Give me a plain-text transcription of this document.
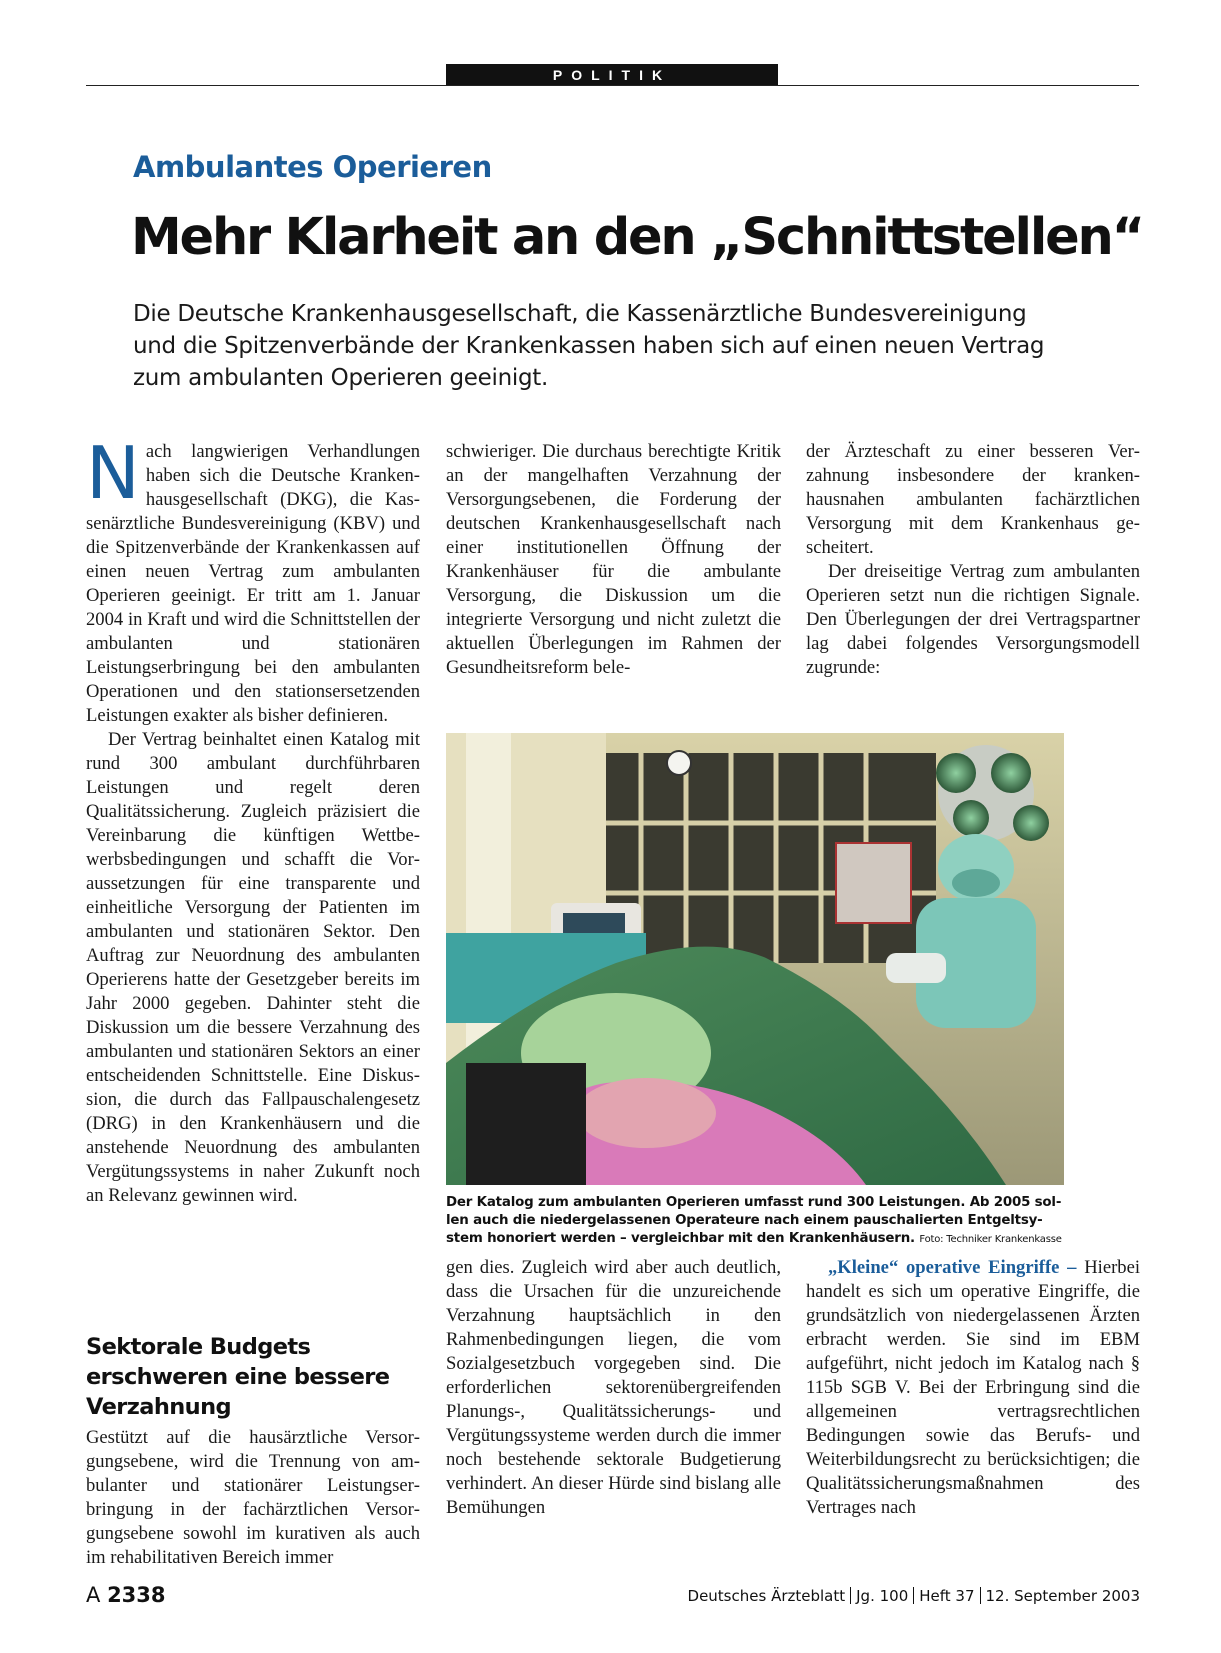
POLITIK
Ambulantes Operieren
Mehr Klarheit an den „Schnittstellen“
Die Deutsche Krankenhausgesellschaft, die Kassenärztliche Bundesvereinigung
und die Spitzenverbände der Krankenkassen haben sich auf einen neuen Vertrag
zum ambulanten Operieren geeinigt.

Nach langwierigen Verhandlungen haben sich die Deutsche Krankenhausgesellschaft (DKG), die Kassenärztliche Bundesvereinigung (KBV) und die Spitzenverbände der Krankenkassen auf einen neuen Vertrag zum ambulanten Operieren geeinigt. Er tritt am 1. Januar 2004 in Kraft und wird die Schnittstellen der ambulanten und stationären Leistungserbringung bei den ambulanten Operationen und den stationsersetzenden Leistungen exakter als bisher definieren.

Der Vertrag beinhaltet einen Katalog mit rund 300 ambulant durchführbaren Leistungen und regelt deren Qualitätssicherung. Zugleich präzisiert die Vereinbarung die künftigen Wettbewerbsbedingungen und schafft die Voraussetzungen für eine transparente und einheitliche Versorgung der Patienten im ambulanten und stationären Sektor. Den Auftrag zur Neuordnung des ambulanten Operierens hatte der Gesetzgeber bereits im Jahr 2000 gegeben. Dahinter steht die Diskussion um die bessere Verzahnung des ambulanten und stationären Sektors an einer entscheidenden Schnittstelle. Eine Diskussion, die durch das Fallpauschalengesetz (DRG) in den Krankenhäusern und die anstehende Neuordnung des ambulanten Vergütungssystems in naher Zukunft noch an Relevanz gewinnen wird.

Sektorale Budgets erschweren eine bessere Verzahnung

Gestützt auf die hausärztliche Versorgungsebene, wird die Trennung von ambulanter und stationärer Leistungserbringung in der fachärztlichen Versorgungsebene sowohl im kurativen als auch im rehabilitativen Bereich immer

schwieriger. Die durchaus berechtigte Kritik an der mangelhaften Verzahnung der Versorgungsebenen, die Forderung der deutschen Krankenhausgesellschaft nach einer institutionellen Öffnung der Krankenhäuser für die ambulante Versorgung, die Diskussion um die integrierte Versorgung und nicht zuletzt die aktuellen Überlegungen im Rahmen der Gesundheitsreform bele-

der Ärzteschaft zu einer besseren Verzahnung insbesondere der krankenhausnahen ambulanten fachärztlichen Versorgung mit dem Krankenhaus gescheitert.

Der dreiseitige Vertrag zum ambulanten Operieren setzt nun die richtigen Signale. Den Überlegungen der drei Vertragspartner lag dabei folgendes Versorgungsmodell zugrunde:

Der Katalog zum ambulanten Operieren umfasst rund 300 Leistungen. Ab 2005 sollen auch die niedergelassenen Operateure nach einem pauschalierten Entgeltsystem honoriert werden – vergleichbar mit den Krankenhäusern. Foto: Techniker Krankenkasse

gen dies. Zugleich wird aber auch deutlich, dass die Ursachen für die unzureichende Verzahnung hauptsächlich in den Rahmenbedingungen liegen, die vom Sozialgesetzbuch vorgegeben sind. Die erforderlichen sektorenübergreifenden Planungs-, Qualitätssicherungs- und Vergütungssysteme werden durch die immer noch bestehende sektorale Budgetierung verhindert. An dieser Hürde sind bislang alle Bemühungen

„Kleine“ operative Eingriffe – Hierbei handelt es sich um operative Eingriffe, die grundsätzlich von niedergelassenen Ärzten erbracht werden. Sie sind im EBM aufgeführt, nicht jedoch im Katalog nach § 115b SGB V. Bei der Erbringung sind die allgemeinen vertragsrechtlichen Bedingungen sowie das Berufs- und Weiterbildungsrecht zu berücksichtigen; die Qualitätssicherungsmaßnahmen des Vertrages nach

A 2338	Deutsches Ärzteblatt Jg. 100 Heft 37 12. September 2003
